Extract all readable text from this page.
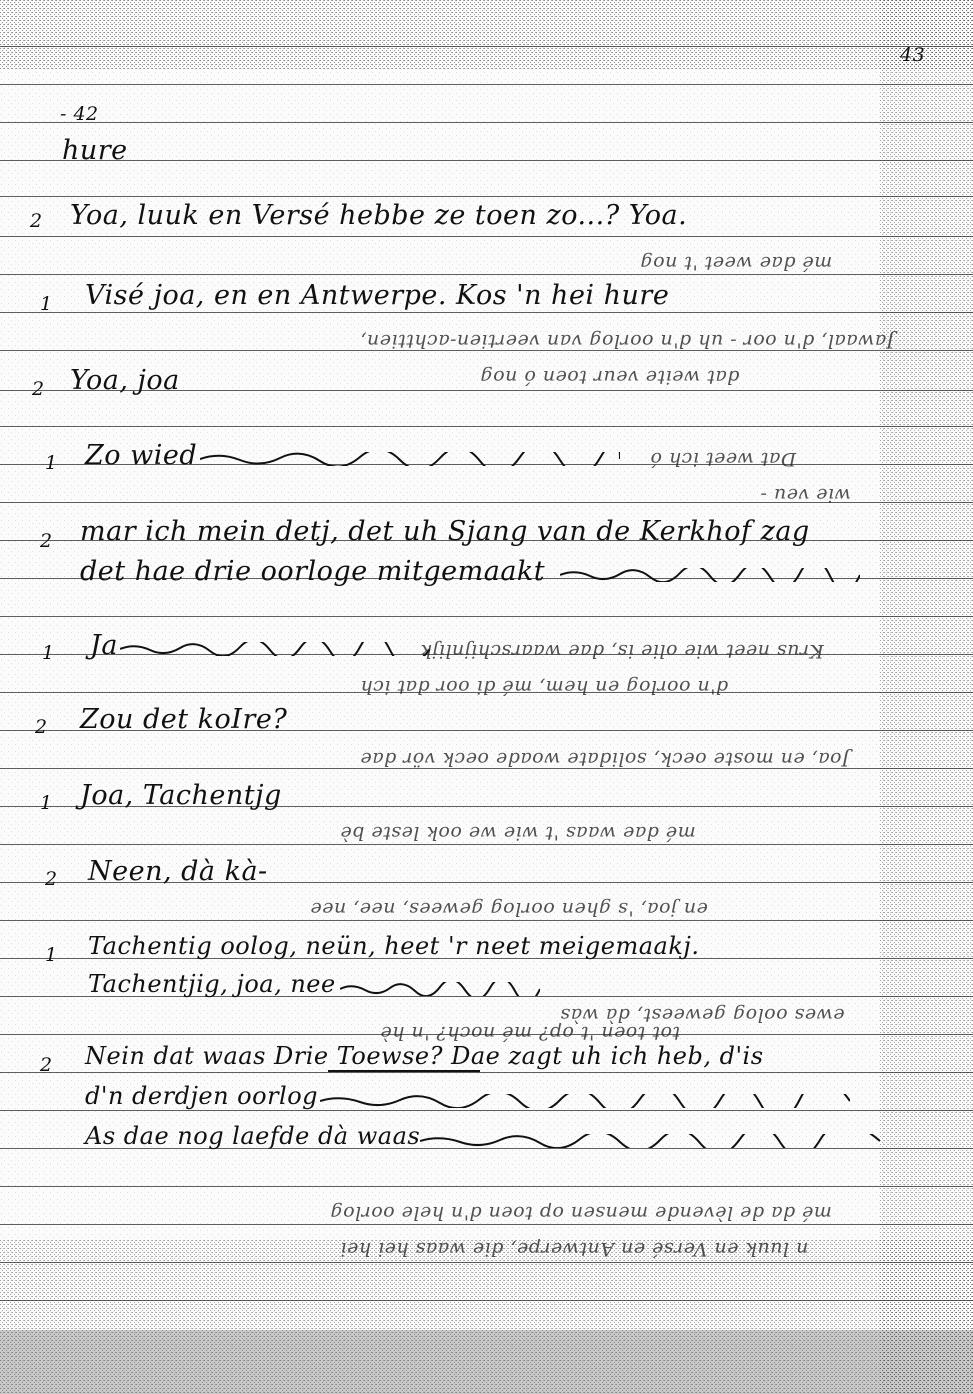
43
- 42
hure
2 Yoa, luuk en Versé hebbe ze toen zo...? Yoa.
1 Visé joa, en en Antwerpe. Kos 'n hei hure
2 Yoa, joa
1 Zo wied
2 mar ich mein detj, det uh Sjang van de Kerkhof zag
det hae drie oorloge mitgemaakt
1 Ja
2 Zou det koIre?
1 Joa, Tachentjg
2 Neen, dà kà-
1 Tachentig oolog, neün, heet 'r neet meigemaakj.
Tachentjig, joa, nee
2 Nein dat waas Drie Toewse? Dae zagt uh ich heb, d'is
d'n derdjen oorlog
As dae nog laefde dà waas
mé dae weet 't nog
Jawaal, d'n oor - uh d'n oorlog van veertien-achttien,
dat weite veur toen ó nog
Dat weet ich ó
wie veu -
Krus neet wie olie is, dae waarschijnlijk
d'n oorlog en hem, mé di oor dat ich
Joa, en moste oeck, solidate woade oeck vör dae
mé dae waas 't wie we ook leste bè
en joa, 's ghen oorlog gewees, nee, nee
ewes oolog geweest, dà wàs
tot toen 't op? mé noch? 'n hè
mé da de lèvende mensen op toen d'n hele oorlog
n luuk en Versé en Antwerpe, die waas hei hei
